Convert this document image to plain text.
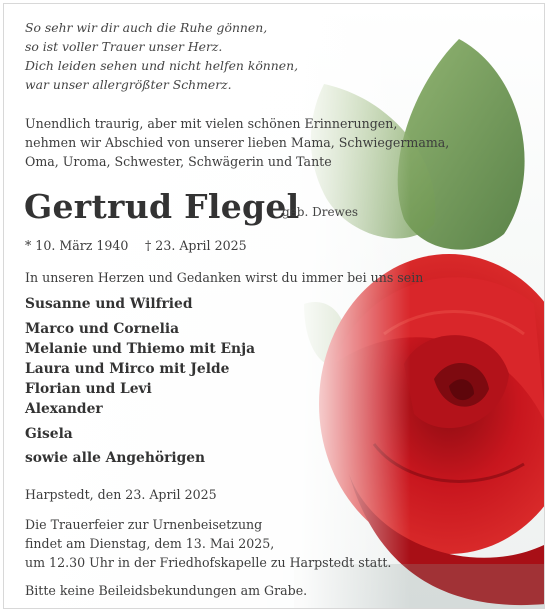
So sehr wir dir auch die Ruhe gönnen,
so ist voller Trauer unser Herz.
Dich leiden sehen und nicht helfen können,
war unser allergrößter Schmerz.
Unendlich traurig, aber mit vielen schönen Erinnerungen,
nehmen wir Abschied von unserer lieben Mama, Schwiegermama,
Oma, Uroma, Schwester, Schwägerin und Tante
Gertrud Flegel
geb. Drewes
* 10. März 1940 † 23. April 2025
In unseren Herzen und Gedanken wirst du immer bei uns sein
Susanne und Wilfried
Marco und Cornelia
Melanie und Thiemo mit Enja
Laura und Mirco mit Jelde
Florian und Levi
Alexander
Gisela
sowie alle Angehörigen
Harpstedt, den 23. April 2025
Die Trauerfeier zur Urnenbeisetzung
findet am Dienstag, dem 13. Mai 2025,
um 12.30 Uhr in der Friedhofskapelle zu Harpstedt statt.
Bitte keine Beileidsbekundungen am Grabe.
